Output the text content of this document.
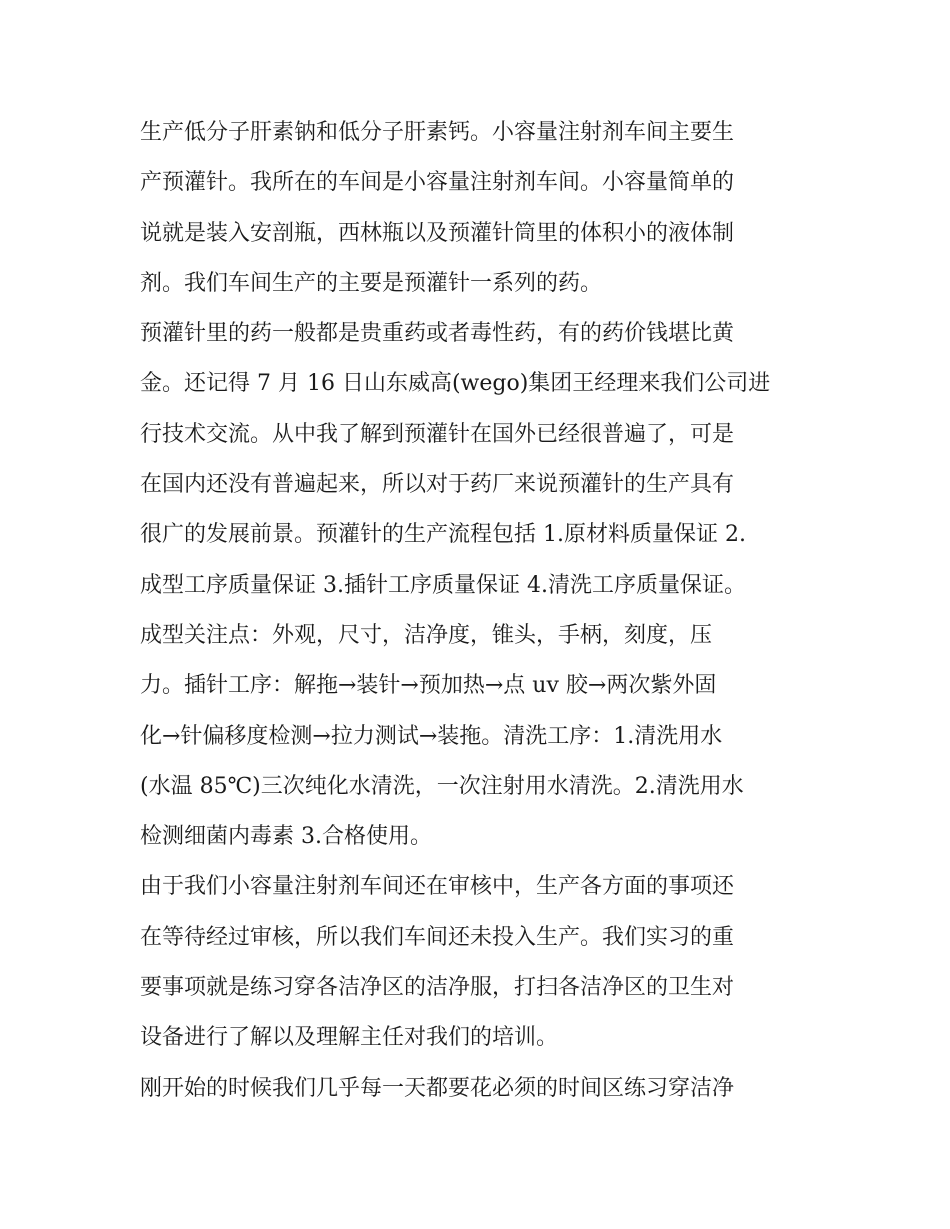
生产低分子肝素钠和低分子肝素钙。小容量注射剂车间主要生
产预灌针。我所在的车间是小容量注射剂车间。小容量简单的
说就是装入安剖瓶，西林瓶以及预灌针筒里的体积小的液体制
剂。我们车间生产的主要是预灌针一系列的药。
预灌针里的药一般都是贵重药或者毒性药，有的药价钱堪比黄
金。还记得 7 月 16 日山东威高(wego)集团王经理来我们公司进
行技术交流。从中我了解到预灌针在国外已经很普遍了，可是
在国内还没有普遍起来，所以对于药厂来说预灌针的生产具有
很广的发展前景。预灌针的生产流程包括 1.原材料质量保证 2.
成型工序质量保证 3.插针工序质量保证 4.清洗工序质量保证。
成型关注点：外观，尺寸，洁净度，锥头，手柄，刻度，压
力。插针工序：解拖→装针→预加热→点 uv 胶→两次紫外固
化→针偏移度检测→拉力测试→装拖。清洗工序：1.清洗用水
(水温 85℃)三次纯化水清洗，一次注射用水清洗。2.清洗用水
检测细菌内毒素 3.合格使用。
由于我们小容量注射剂车间还在审核中，生产各方面的事项还
在等待经过审核，所以我们车间还未投入生产。我们实习的重
要事项就是练习穿各洁净区的洁净服，打扫各洁净区的卫生对
设备进行了解以及理解主任对我们的培训。
刚开始的时候我们几乎每一天都要花必须的时间区练习穿洁净
